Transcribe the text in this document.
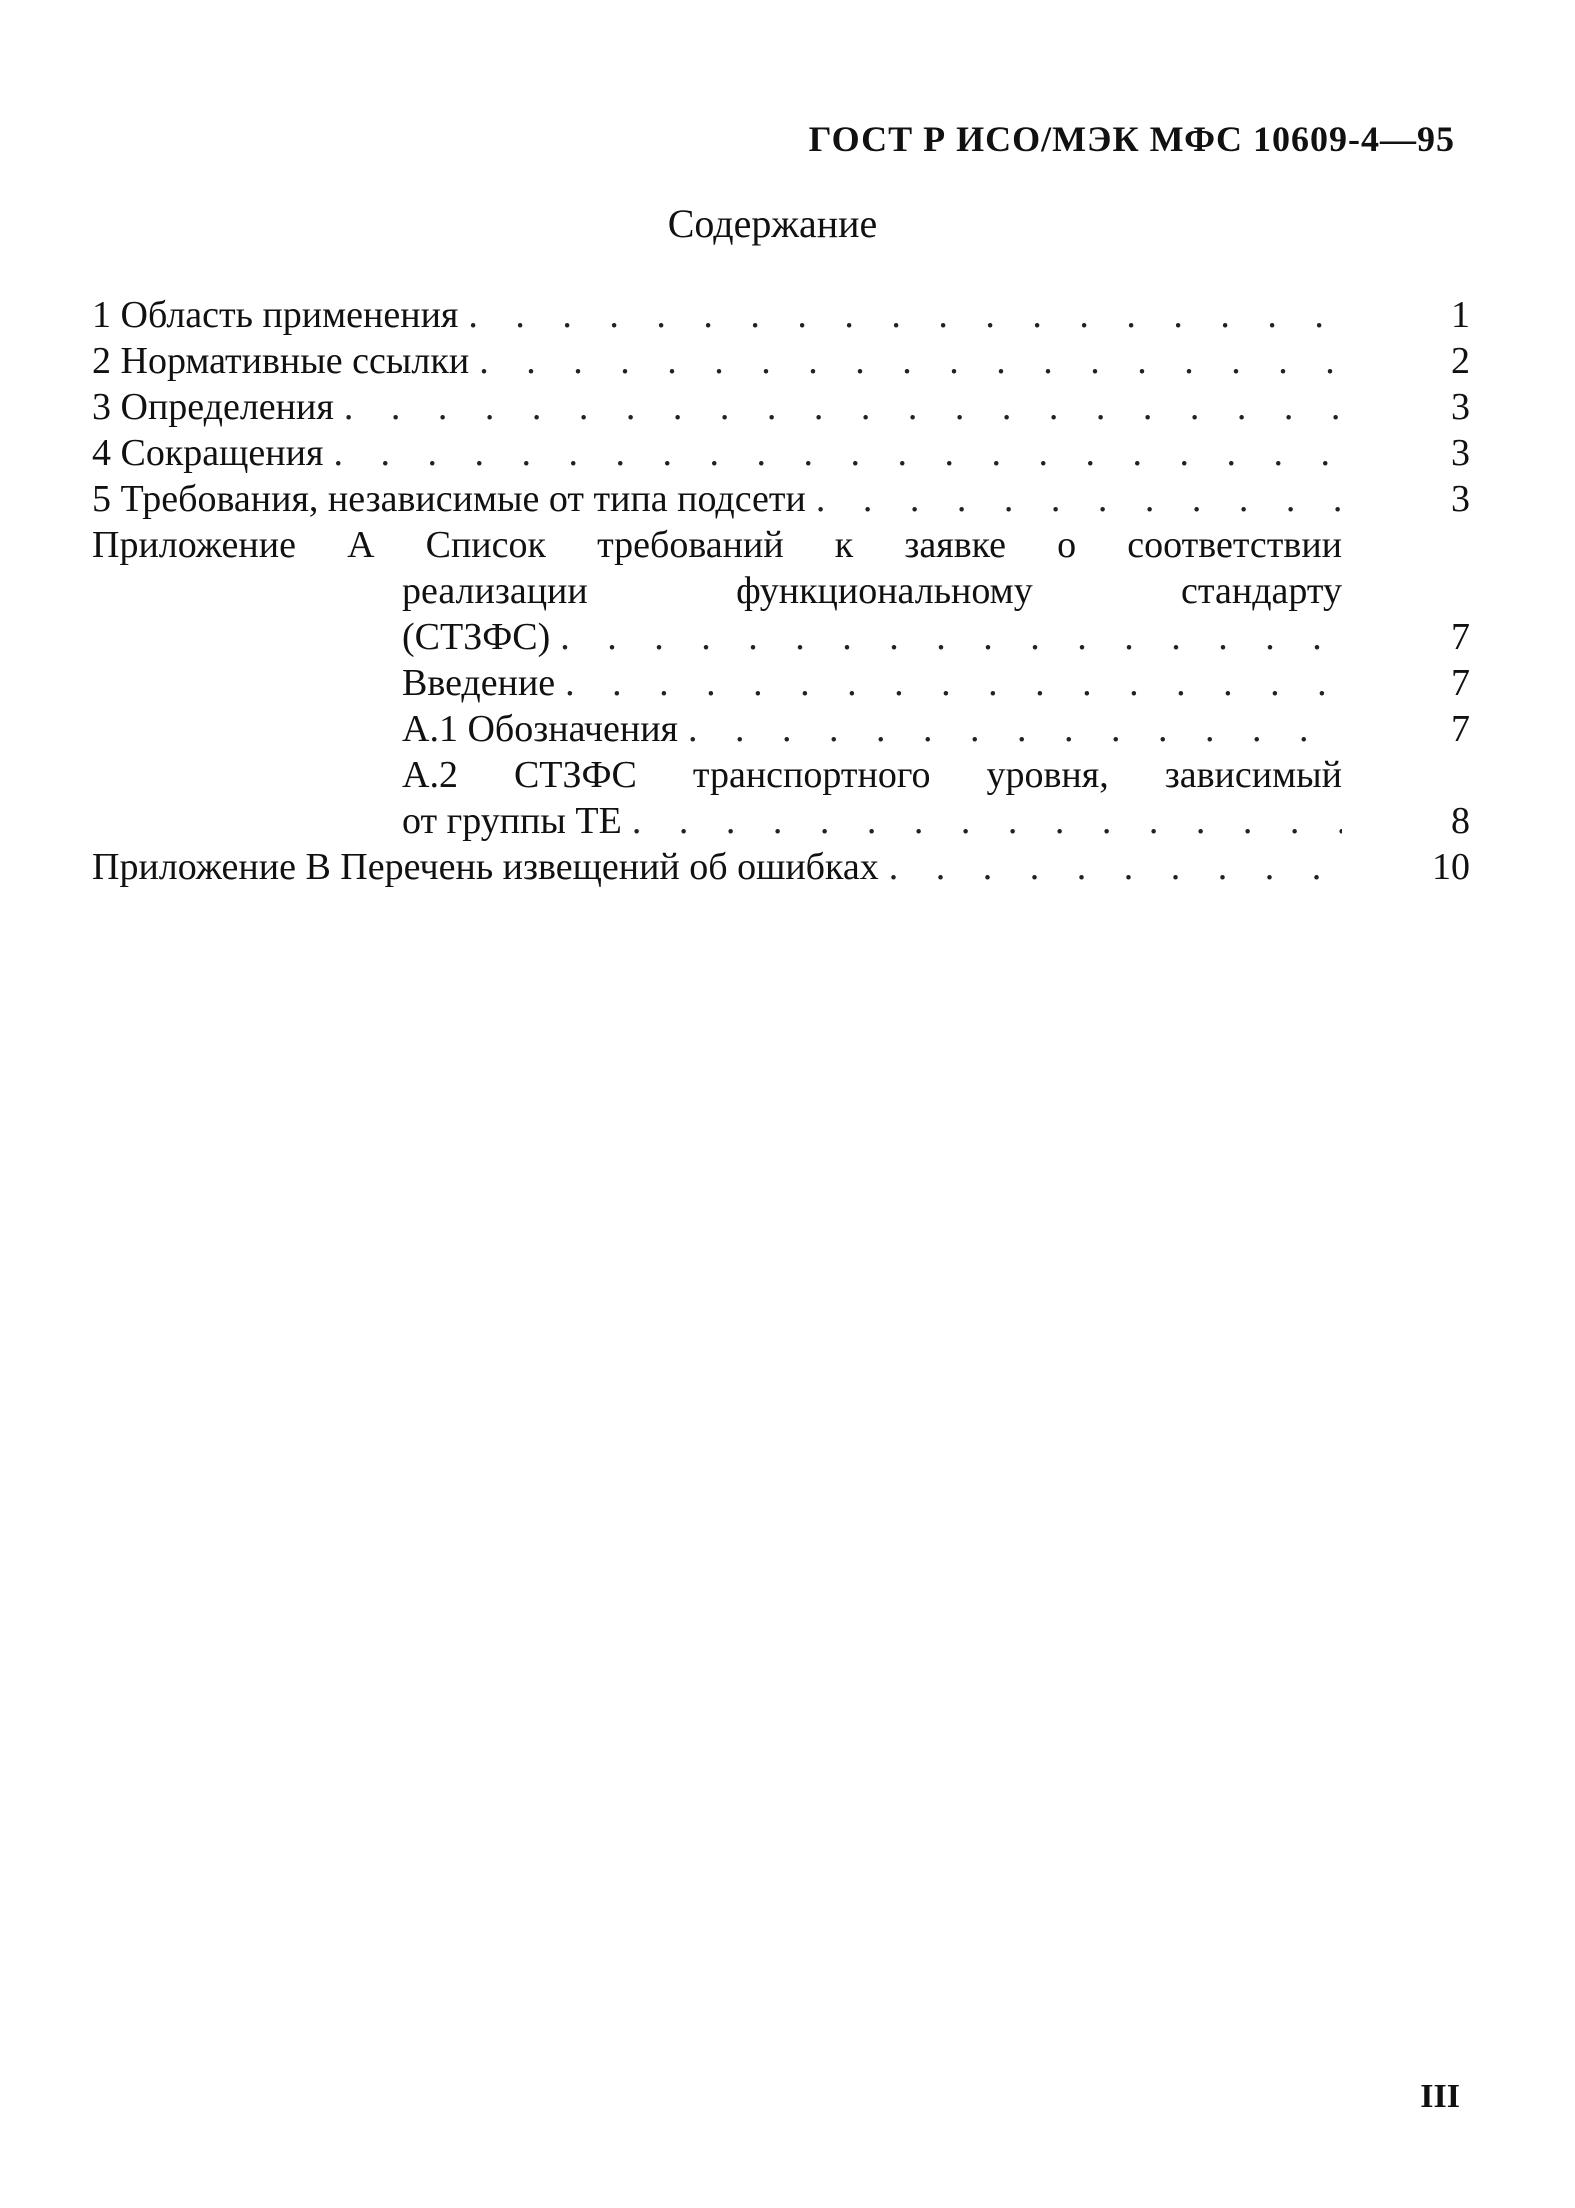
ГОСТ Р ИСО/МЭК МФС 10609-4—95
Содержание
1 Область применения . . .	1
2 Нормативные ссылки . . .	2
3 Определения . . .	3
4 Сокращения . . .	3
5 Требования, независимые от типа подсети . . .	3
Приложение А Список требований к заявке о соответствии
реализации функциональному стандарту
(СТЗФС) . . .	7
Введение . . .	7
А.1 Обозначения . . .	7
А.2 СТЗФС транспортного уровня, зависимый
от группы ТЕ . . .	8
Приложение В Перечень извещений об ошибках . . .	10
III
